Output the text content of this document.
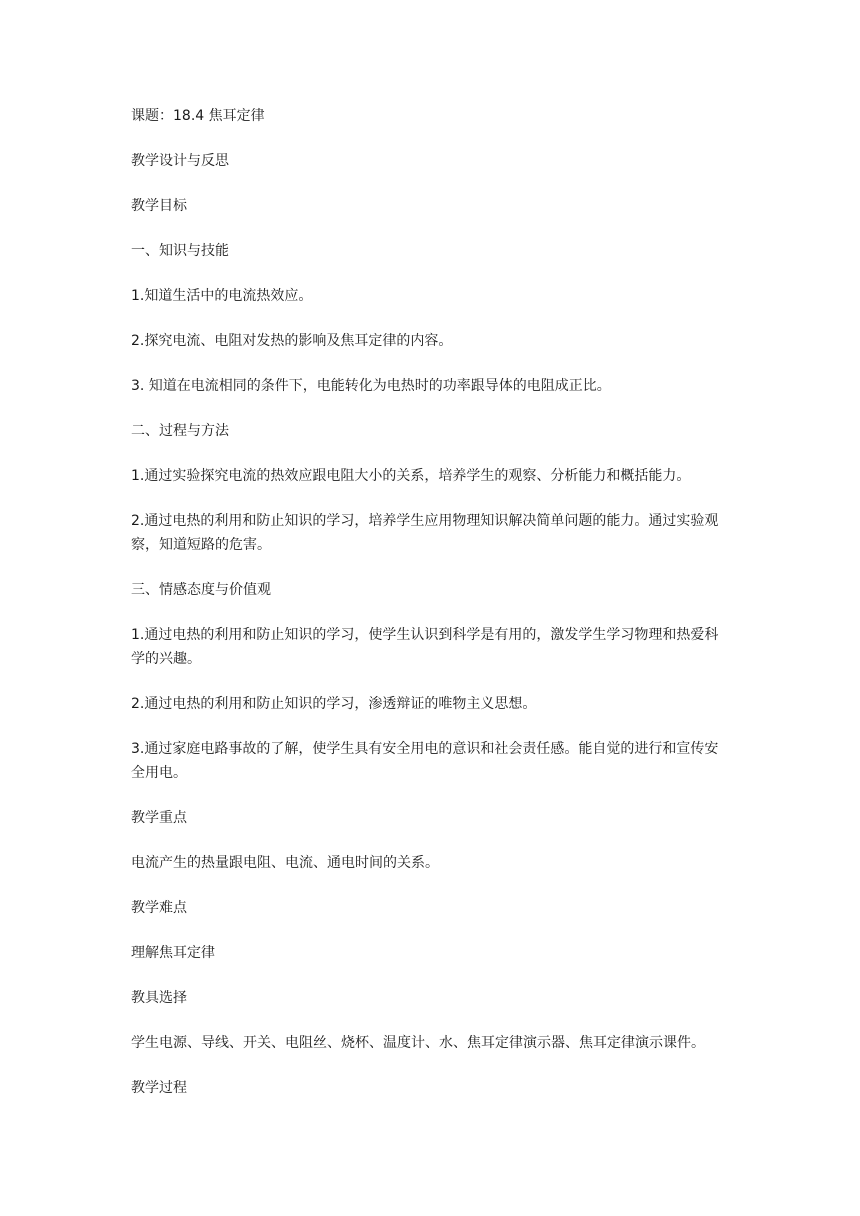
课题：18.4 焦耳定律

教学设计与反思

教学目标

一、知识与技能

1.知道生活中的电流热效应。

2.探究电流、电阻对发热的影响及焦耳定律的内容。

3. 知道在电流相同的条件下，电能转化为电热时的功率跟导体的电阻成正比。

二、过程与方法

1.通过实验探究电流的热效应跟电阻大小的关系，培养学生的观察、分析能力和概括能力。

2.通过电热的利用和防止知识的学习，培养学生应用物理知识解决简单问题的能力。通过实验观察，知道短路的危害。

三、情感态度与价值观

1.通过电热的利用和防止知识的学习，使学生认识到科学是有用的，激发学生学习物理和热爱科学的兴趣。

2.通过电热的利用和防止知识的学习，渗透辩证的唯物主义思想。

3.通过家庭电路事故的了解，使学生具有安全用电的意识和社会责任感。能自觉的进行和宣传安全用电。

教学重点

电流产生的热量跟电阻、电流、通电时间的关系。

教学难点

理解焦耳定律

教具选择

学生电源、导线、开关、电阻丝、烧杯、温度计、水、焦耳定律演示器、焦耳定律演示课件。

教学过程
